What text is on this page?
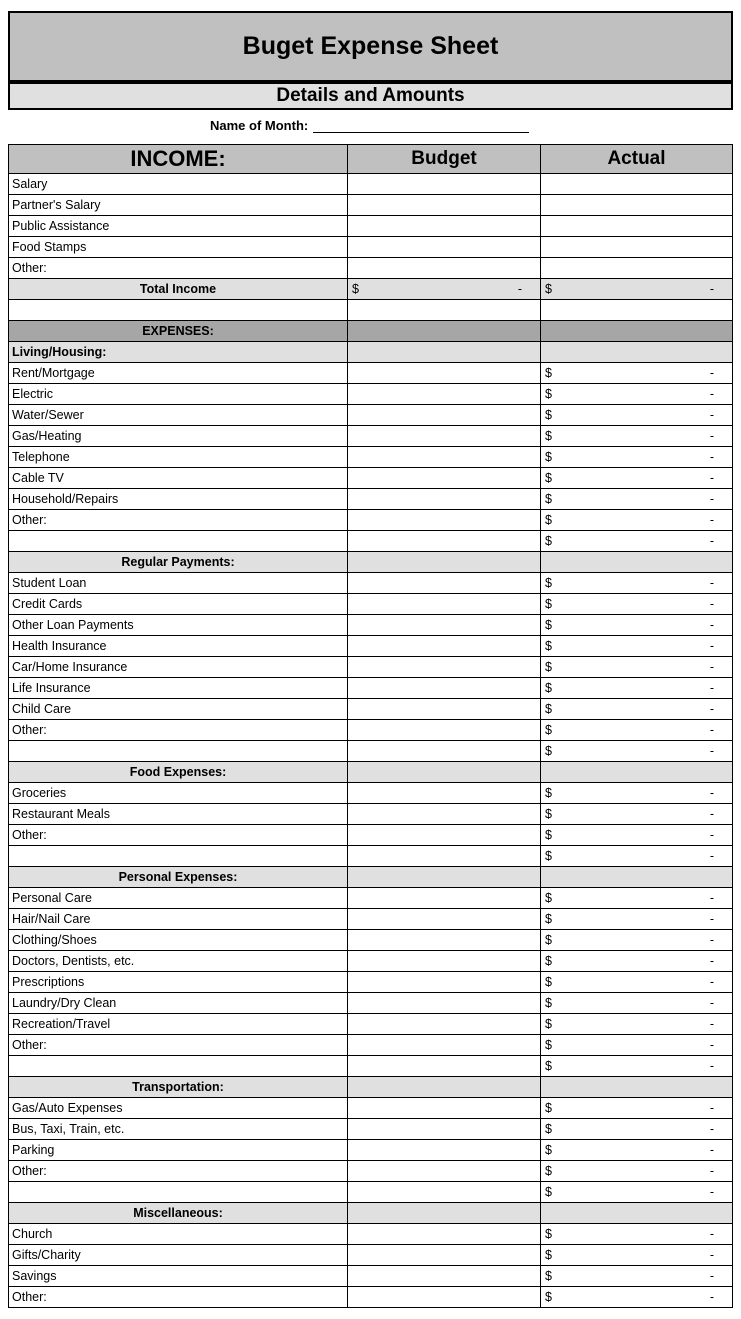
Buget Expense Sheet
Details and Amounts
Name of Month:
INCOME:	Budget	Actual
Salary		
Partner's Salary		
Public Assistance		
Food Stamps		
Other:		
Total Income	$ -	$ -

EXPENSES:		
Living/Housing:		
Rent/Mortgage		$ -

Electric		$ -

Water/Sewer		$ -

Gas/Heating		$ -

Telephone		$ -

Cable TV		$ -

Household/Repairs		$ -

Other:		$ -

		$ -

Regular Payments:		
Student Loan		$ -

Credit Cards		$ -

Other Loan Payments		$ -

Health Insurance		$ -

Car/Home Insurance		$ -

Life Insurance		$ -

Child Care		$ -

Other:		$ -

		$ -

Food Expenses:		
Groceries		$ -

Restaurant Meals		$ -

Other:		$ -

		$ -

Personal Expenses:		
Personal Care		$ -

Hair/Nail Care		$ -

Clothing/Shoes		$ -

Doctors, Dentists, etc.		$ -

Prescriptions		$ -

Laundry/Dry Clean		$ -

Recreation/Travel		$ -

Other:		$ -

		$ -

Transportation:		
Gas/Auto Expenses		$ -

Bus, Taxi, Train, etc.		$ -

Parking		$ -

Other:		$ -

		$ -

Miscellaneous:		
Church		$ -

Gifts/Charity		$ -

Savings		$ -

Other:		$ -
